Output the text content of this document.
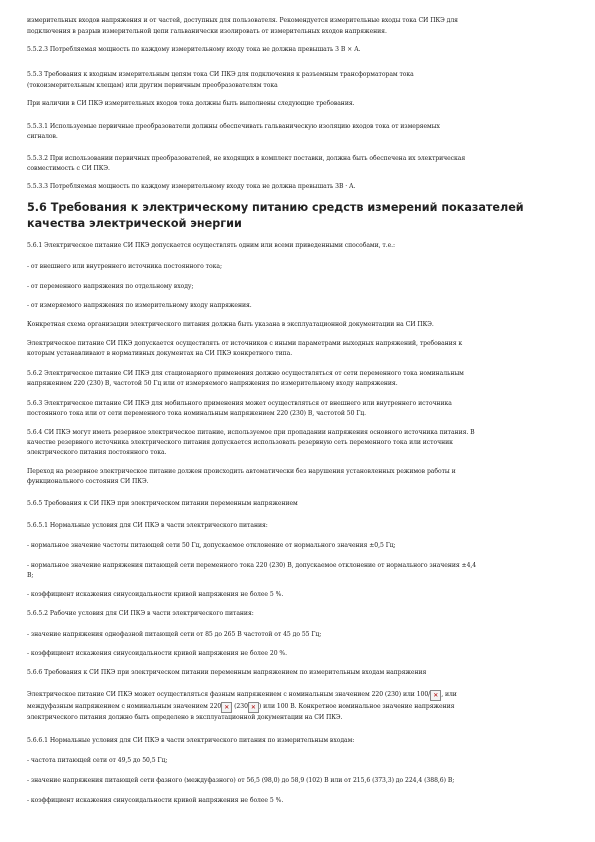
измерительных входов напряжения и от частей, доступных для пользователя. Рекомендуется измерительные входы тока СИ ПКЭ для
подключения в разрыв измерительной цепи гальванически изолировать от измерительных входов напряжения.
5.5.2.3 Потребляемая мощность по каждому измерительному входу тока не должна превышать 3 В × А.
5.5.3 Требования к входным измерительным цепям тока СИ ПКЭ для подключения к разъемным трансформаторам тока
(токоизмерительным клещам) или другим первичным преобразователям тока
При наличии в СИ ПКЭ измерительных входов тока должны быть выполнены следующие требования.
5.5.3.1 Используемые первичные преобразователи должны обеспечивать гальваническую изоляцию входов тока от измеряемых
сигналов.
5.5.3.2 При использовании первичных преобразователей, не входящих в комплект поставки, должна быть обеспечена их электрическая
совместимость с СИ ПКЭ.
5.5.3.3 Потребляемая мощность по каждому измерительному входу тока не должна превышать 3В · А.
5.6 Требования к электрическому питанию средств измерений показателей
качества электрической энергии
5.6.1 Электрическое питание СИ ПКЭ допускается осуществлять одним или всеми приведенными способами, т.е.:
- от внешнего или внутреннего источника постоянного тока;
- от переменного напряжения по отдельному входу;
- от измеряемого напряжения по измерительному входу напряжения.
Конкретная схема организации электрического питания должна быть указана в эксплуатационной документации на СИ ПКЭ.
Электрическое питание СИ ПКЭ допускается осуществлять от источников с иными параметрами выходных напряжений, требования к
которым устанавливают в нормативных документах на СИ ПКЭ конкретного типа.
5.6.2 Электрическое питание СИ ПКЭ для стационарного применения должно осуществляться от сети переменного тока номинальным
напряжением 220 (230) В, частотой 50 Гц или от измеряемого напряжения по измерительному входу напряжения.
5.6.3 Электрическое питание СИ ПКЭ для мобильного применения может осуществляться от внешнего или внутреннего источника
постоянного тока или от сети переменного тока номинальным напряжением 220 (230) В, частотой 50 Гц.
5.6.4 СИ ПКЭ могут иметь резервное электрическое питание, используемое при пропадании напряжения основного источника питания. В
качестве резервного источника электрического питания допускается использовать резервную сеть переменного тока или источник
электрического питания постоянного тока.
Переход на резервное электрическое питание должен происходить автоматически без нарушения установленных режимов работы и
функционального состояния СИ ПКЭ.
5.6.5 Требования к СИ ПКЭ при электрическом питании переменным напряжением
5.6.5.1 Нормальные условия для СИ ПКЭ в части электрического питания:
- нормальное значение частоты питающей сети 50 Гц, допускаемое отклонение от нормального значения ±0,5 Гц;
- нормальное значение напряжения питающей сети переменного тока 220 (230) В, допускаемое отклонение от нормального значения ±4,4
В;
- коэффициент искажения синусоидальности кривой напряжения не более 5 %.
5.6.5.2 Рабочие условия для СИ ПКЭ в части электрического питания:
- значение напряжения однофазной питающей сети от 85 до 265 В частотой от 45 до 55 Гц;
- коэффициент искажения синусоидальности кривой напряжения не более 20 %.
5.6.6 Требования к СИ ПКЭ при электрическом питании переменным напряжением по измерительным входам напряжения
Электрическое питание СИ ПКЭ может осуществляться фазным напряжением с номинальным значением 220 (230) или 100/ ✕ , или
междуфазным напряжением с номинальным значением 220 ✕ (230 ✕ ) или 100 В. Конкретное номинальное значение напряжения
электрического питания должно быть определено в эксплуатационной документации на СИ ПКЭ.
5.6.6.1 Нормальные условия для СИ ПКЭ в части электрического питания по измерительным входам:
- частота питающей сети от 49,5 до 50,5 Гц;
- значение напряжения питающей сети фазного (междуфазного) от 56,5 (98,0) до 58,9 (102) В или от 215,6 (373,3) до 224,4 (388,6) В;
- коэффициент искажения синусоидальности кривой напряжения не более 5 %.
